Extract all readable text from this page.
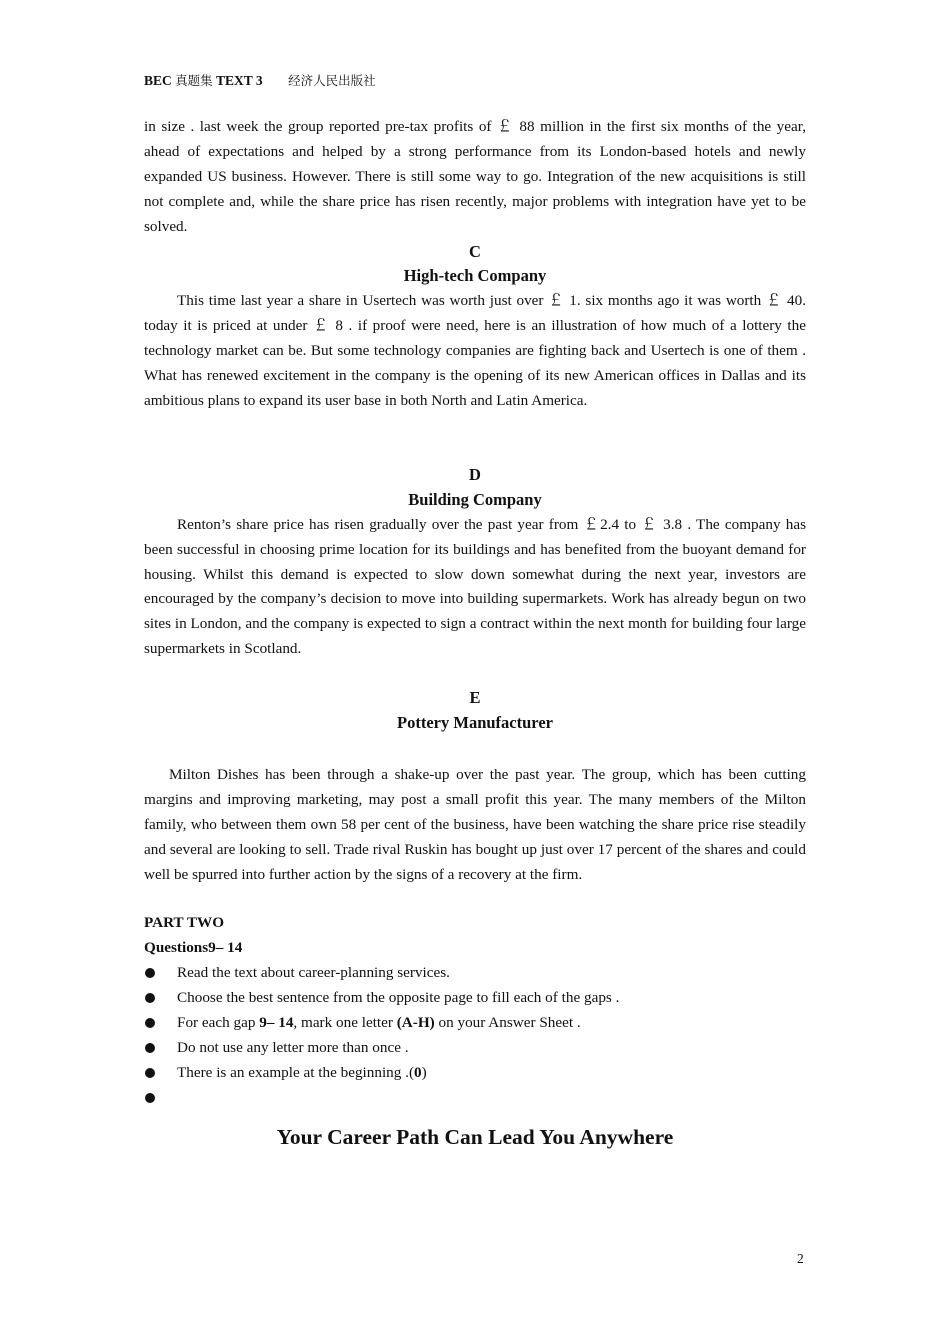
BEC 真题集 TEXT 3 经济人民出版社

in size . last week the group reported pre-tax profits of ￡ 88 million in the first six months of the year, ahead of expectations and helped by a strong performance from its London-based hotels and newly expanded US business. However. There is still some way to go. Integration of the new acquisitions is still not complete and, while the share price has risen recently, major problems with integration have yet to be solved.

C
High-tech Company

This time last year a share in Usertech was worth just over ￡ 1. six months ago it was worth ￡ 40. today it is priced at under ￡ 8 . if proof were need, here is an illustration of how much of a lottery the technology market can be. But some technology companies are fighting back and Usertech is one of them . What has renewed excitement in the company is the opening of its new American offices in Dallas and its ambitious plans to expand its user base in both North and Latin America.

D
Building Company

Renton’s share price has risen gradually over the past year from ￡2.4 to ￡ 3.8 . The company has been successful in choosing prime location for its buildings and has benefited from the buoyant demand for housing. Whilst this demand is expected to slow down somewhat during the next year, investors are encouraged by the company’s decision to move into building supermarkets. Work has already begun on two sites in London, and the company is expected to sign a contract within the next month for building four large supermarkets in Scotland.

E
Pottery Manufacturer

Milton Dishes has been through a shake-up over the past year. The group, which has been cutting margins and improving marketing, may post a small profit this year. The many members of the Milton family, who between them own 58 per cent of the business, have been watching the share price rise steadily and several are looking to sell. Trade rival Ruskin has bought up just over 17 percent of the shares and could well be spurred into further action by the signs of a recovery at the firm.

PART TWO
Questions9– 14
Read the text about career-planning services.
Choose the best sentence from the opposite page to fill each of the gaps .
For each gap 9– 14, mark one letter (A-H) on your Answer Sheet .
Do not use any letter more than once .
There is an example at the beginning .(0)
Your Career Path Can Lead You Anywhere
2
